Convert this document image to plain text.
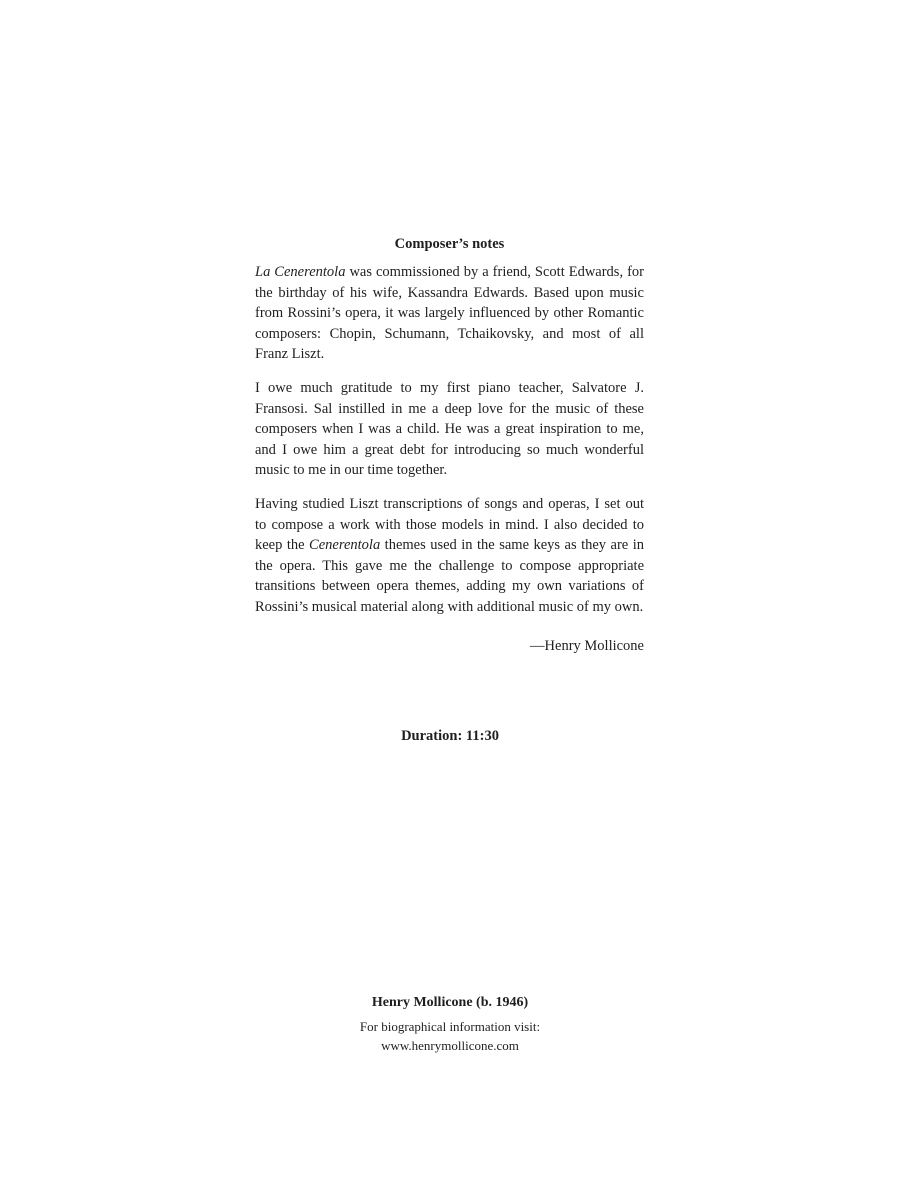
Composer’s notes

La Cenerentola was commissioned by a friend, Scott Edwards, for the birthday of his wife, Kassandra Edwards. Based upon music from Rossini’s opera, it was largely influenced by other Romantic composers: Chopin, Schumann, Tchaikovsky, and most of all Franz Liszt.

I owe much gratitude to my first piano teacher, Salvatore J. Fransosi. Sal instilled in me a deep love for the music of these composers when I was a child. He was a great inspiration to me, and I owe him a great debt for introducing so much wonderful music to me in our time together.

Having studied Liszt transcriptions of songs and operas, I set out to compose a work with those models in mind. I also decided to keep the Cenerentola themes used in the same keys as they are in the opera. This gave me the challenge to compose appropriate transitions between opera themes, adding my own variations of Rossini’s musical material along with additional music of my own.

—Henry Mollicone
Duration: 11:30
Henry Mollicone (b. 1946)
For biographical information visit:
www.henrymollicone.com
